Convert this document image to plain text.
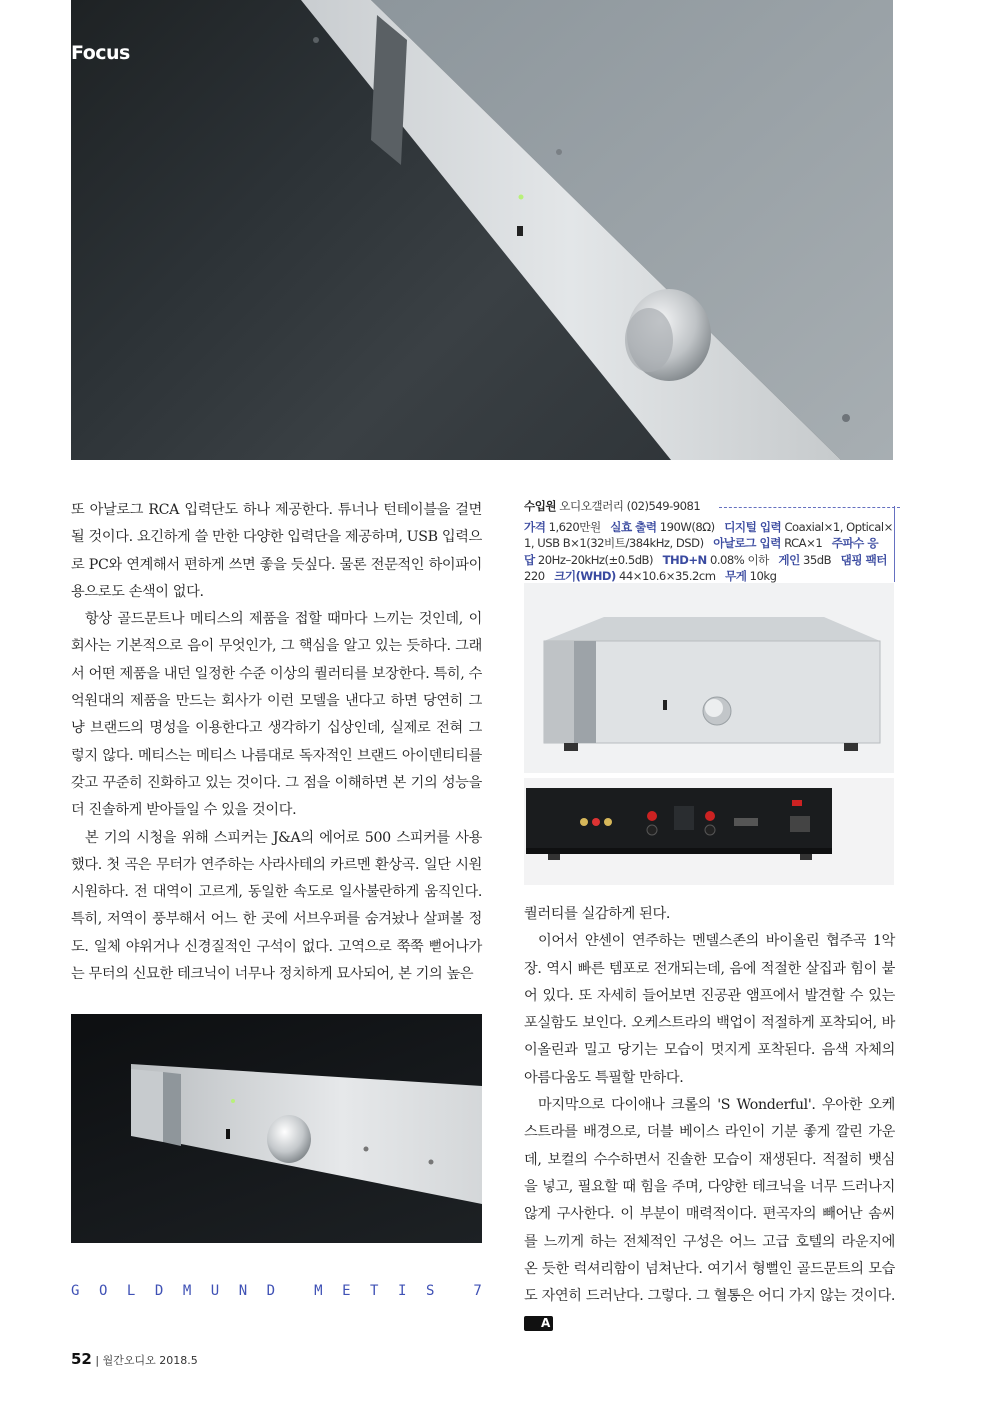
Focus

또 아날로그 RCA 입력단도 하나 제공한다. 튜너나 턴테이블을 걸면 될 것이다. 요긴하게 쓸 만한 다양한 입력단을 제공하며, USB 입력으로 PC와 연계해서 편하게 쓰면 좋을 듯싶다. 물론 전문적인 하이파이 용으로도 손색이 없다.

항상 골드문트나 메티스의 제품을 접할 때마다 느끼는 것인데, 이 회사는 기본적으로 음이 무엇인가, 그 핵심을 알고 있는 듯하다. 그래서 어떤 제품을 내던 일정한 수준 이상의 퀄러티를 보장한다. 특히, 수억원대의 제품을 만드는 회사가 이런 모델을 낸다고 하면 당연히 그냥 브랜드의 명성을 이용한다고 생각하기 십상인데, 실제로 전혀 그렇지 않다. 메티스는 메티스 나름대로 독자적인 브랜드 아이덴티티를 갖고 꾸준히 진화하고 있는 것이다. 그 점을 이해하면 본 기의 성능을 더 진솔하게 받아들일 수 있을 것이다.

본 기의 시청을 위해 스피커는 J&A의 에어로 500 스피커를 사용했다. 첫 곡은 무터가 연주하는 사라사테의 카르멘 환상곡. 일단 시원시원하다. 전 대역이 고르게, 동일한 속도로 일사불란하게 움직인다. 특히, 저역이 풍부해서 어느 한 곳에 서브우퍼를 숨겨놨나 살펴볼 정도. 일체 야위거나 신경질적인 구석이 없다. 고역으로 쭉쭉 뻗어나가는 무터의 신묘한 테크닉이 너무나 정치하게 묘사되어, 본 기의 높은

수입원 오디오갤러리 (02)549-9081
가격 1,620만원 실효 출력 190W(8Ω) 디지털 입력 Coaxial×1, Optical×
1, USB B×1(32비트/384kHz, DSD) 아날로그 입력 RCA×1 주파수 응
답 20Hz–20kHz(±0.5dB) THD+N 0.08% 이하 게인 35dB 댐핑 팩터
220 크기(WHD) 44×10.6×35.2cm 무게 10kg

퀄러티를 실감하게 된다.

이어서 얀센이 연주하는 멘델스존의 바이올린 협주곡 1악장. 역시 빠른 템포로 전개되는데, 음에 적절한 살집과 힘이 붙어 있다. 또 자세히 들어보면 진공관 앰프에서 발견할 수 있는 포실함도 보인다. 오케스트라의 백업이 적절하게 포착되어, 바이올린과 밀고 당기는 모습이 멋지게 포착된다. 음색 자체의 아름다움도 특필할 만하다.

마지막으로 다이애나 크롤의 'S Wonderful'. 우아한 오케스트라를 배경으로, 더블 베이스 라인이 기분 좋게 깔린 가운데, 보컬의 수수하면서 진솔한 모습이 재생된다. 적절히 뱃심을 넣고, 필요할 때 힘을 주며, 다양한 테크닉을 너무 드러나지 않게 구사한다. 이 부분이 매력적이다. 편곡자의 빼어난 솜씨를 느끼게 하는 전체적인 구성은 어느 고급 호텔의 라운지에 온 듯한 럭셔리함이 넘쳐난다. 여기서 형뻘인 골드문트의 모습도 자연히 드러난다. 그렇다. 그 혈통은 어디 가지 않는 것이다. A

G O L D M U N D	M E T I S	7
52 | 월간오디오 2018.5
